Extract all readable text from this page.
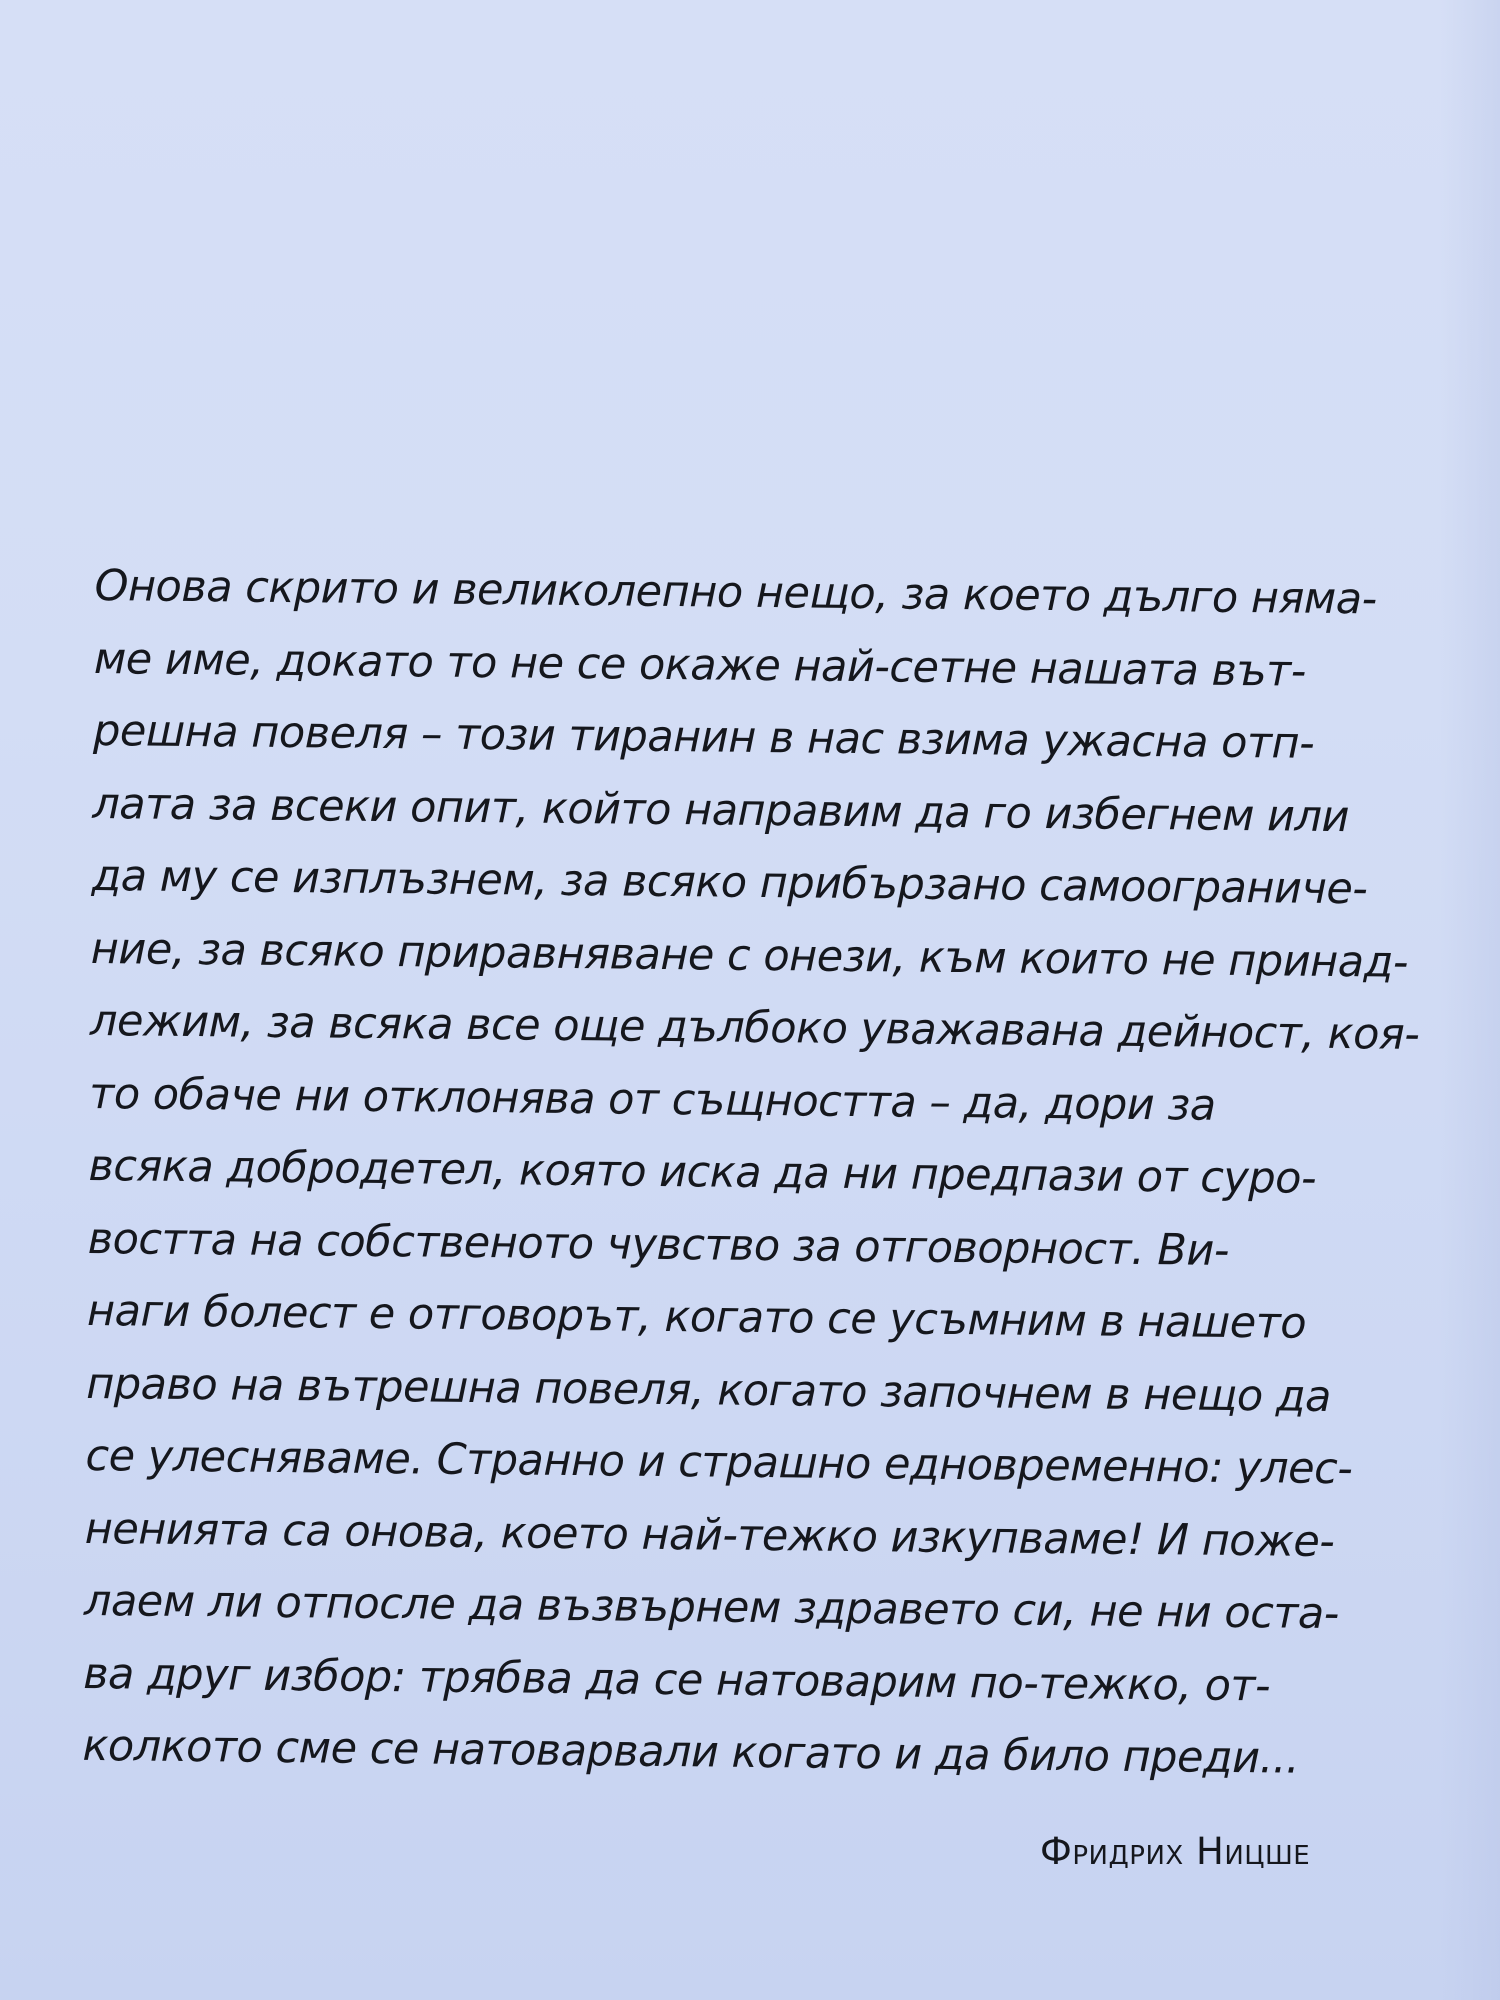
Онова скрито и великолепно нещо, за което дълго няма-
ме име, докато то не се окаже най-сетне нашата вът-
решна повеля – този тиранин в нас взима ужасна отп-
лата за всеки опит, който направим да го избегнем или
да му се изплъзнем, за всяко прибързано самоограниче-
ние, за всяко приравняване с онези, към които не принад-
лежим, за всяка все още дълбоко уважавана дейност, коя-
то обаче ни отклонява от същността – да, дори за
всяка добродетел, която иска да ни предпази от суро-
востта на собственото чувство за отговорност. Ви-
наги болест е отговорът, когато се усъмним в нашето
право на вътрешна повеля, когато започнем в нещо да
се улесняваме. Странно и страшно едновременно: улес-
ненията са онова, което най-тежко изкупваме! И поже-
лаем ли отпосле да възвърнем здравето си, не ни оста-
ва друг избор: трябва да се натоварим по-тежко, от-
колкото сме се натоварвали когато и да било преди...

Фридрих Ницше
